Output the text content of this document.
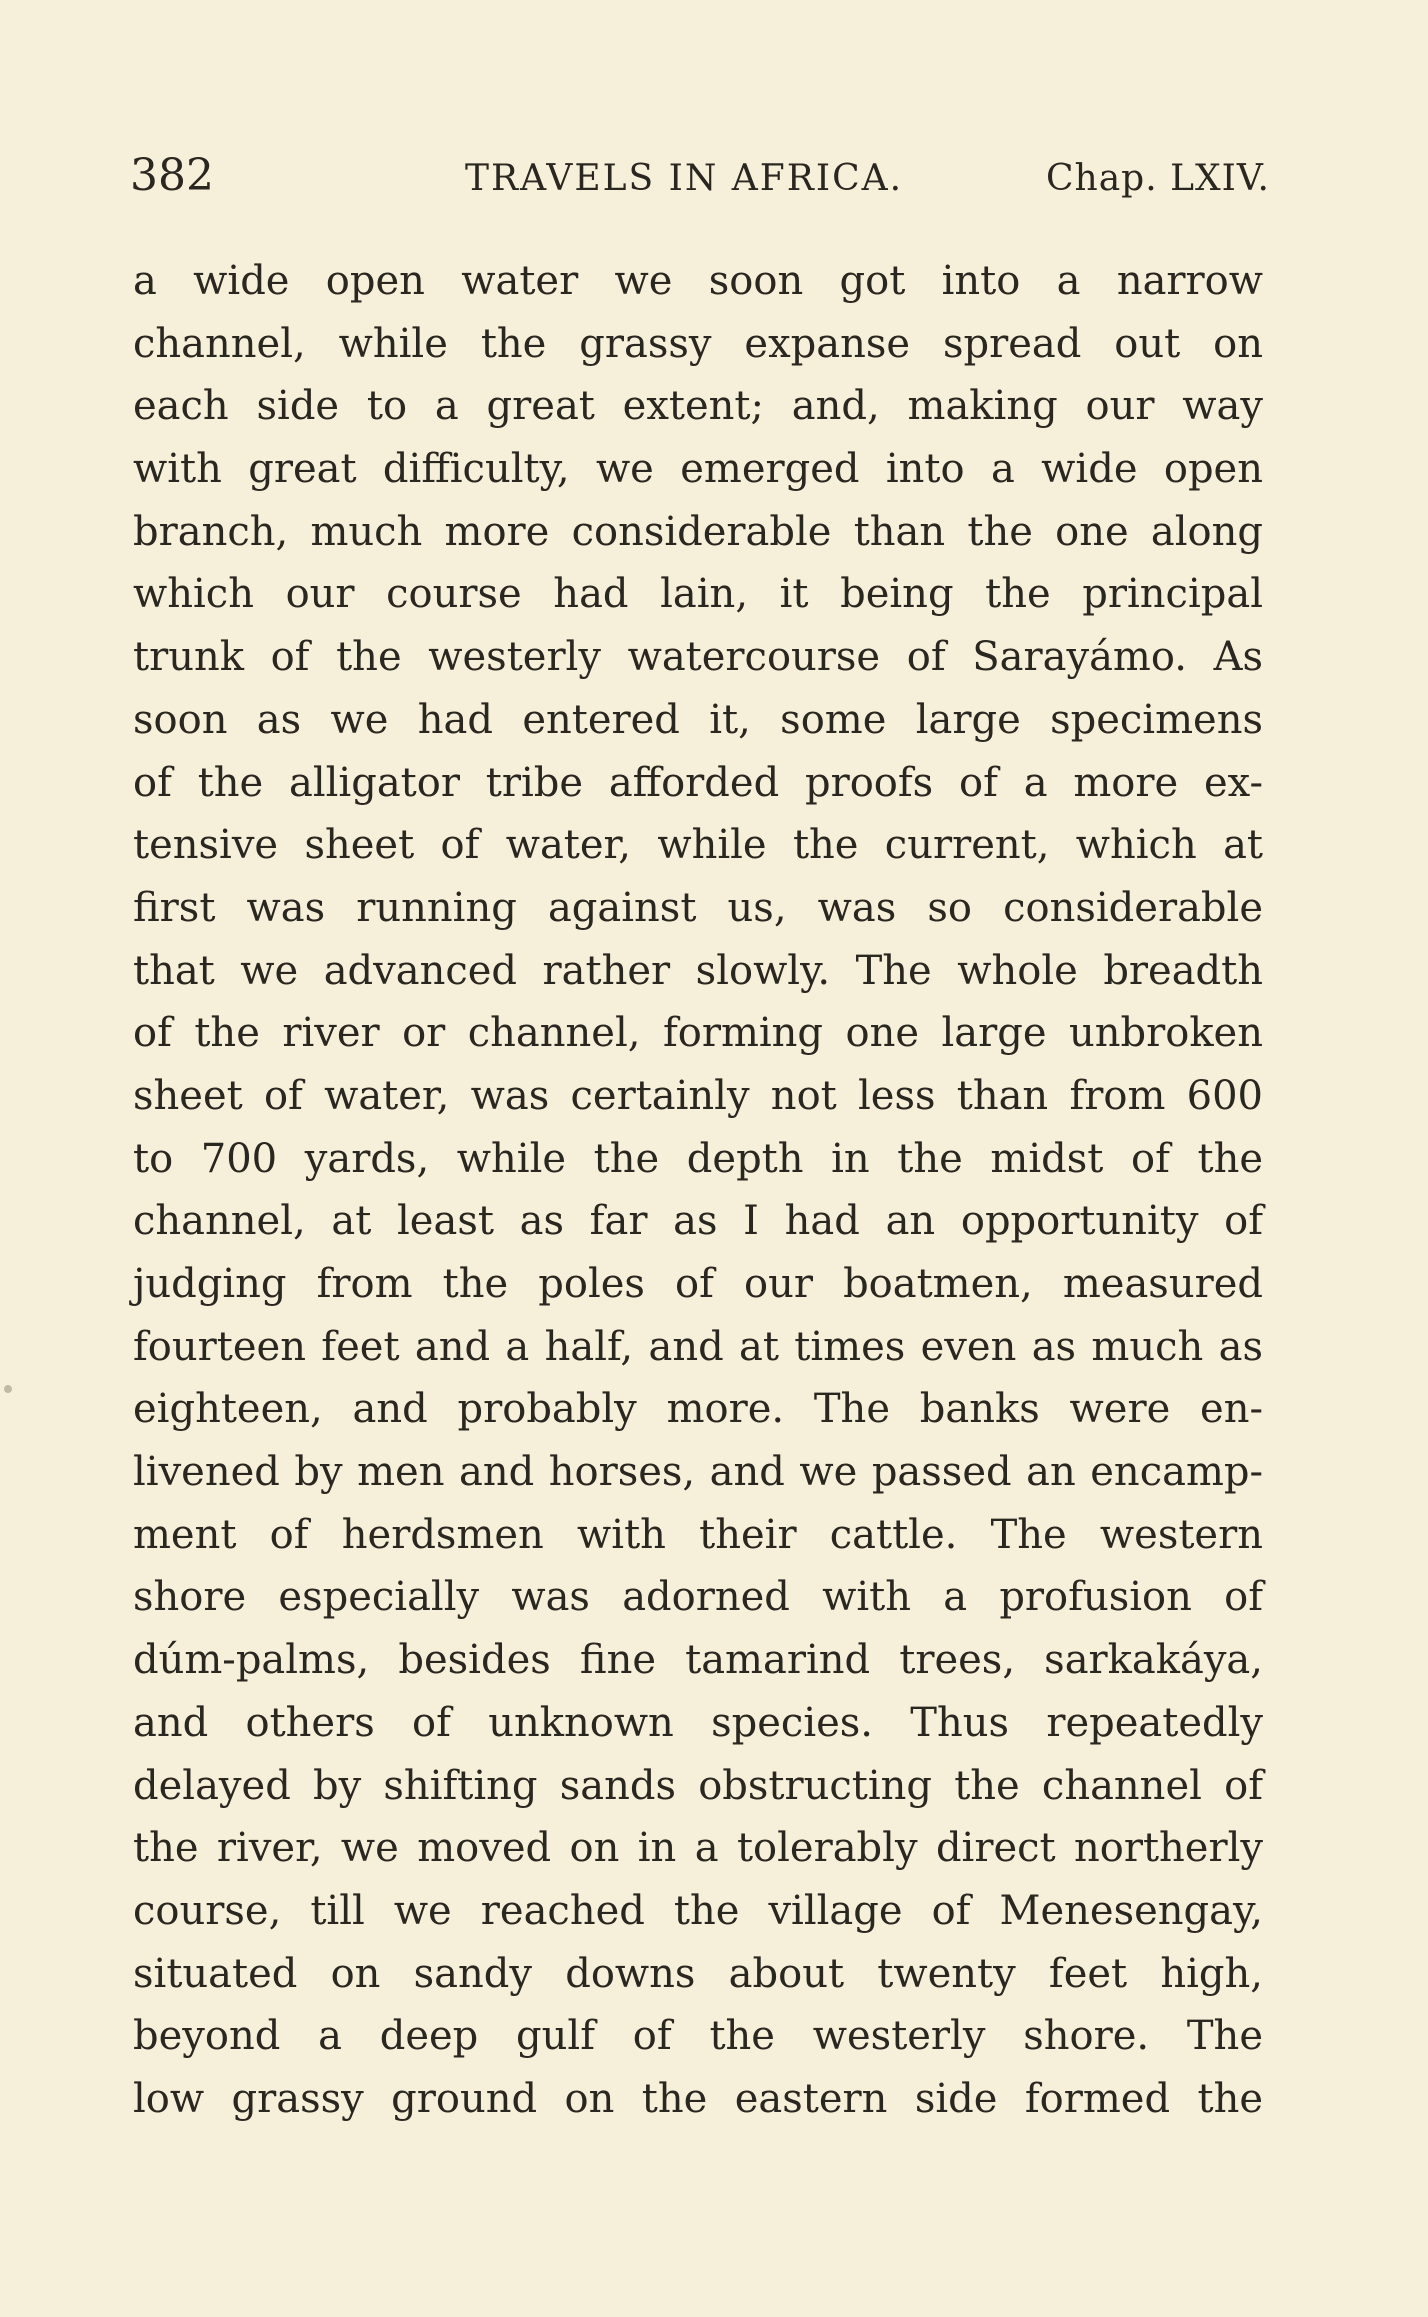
382	TRAVELS IN AFRICA.	Chap. LXIV.
a wide open water we soon got into a narrow
channel, while the grassy expanse spread out on
each side to a great extent; and, making our way
with great difficulty, we emerged into a wide open
branch, much more considerable than the one along
which our course had lain, it being the principal
trunk of the westerly watercourse of Sarayámo. As
soon as we had entered it, some large specimens
of the alligator tribe afforded proofs of a more ex-
tensive sheet of water, while the current, which at
first was running against us, was so considerable
that we advanced rather slowly. The whole breadth
of the river or channel, forming one large unbroken
sheet of water, was certainly not less than from 600
to 700 yards, while the depth in the midst of the
channel, at least as far as I had an opportunity of
judging from the poles of our boatmen, measured
fourteen feet and a half, and at times even as much as
eighteen, and probably more. The banks were en-
livened by men and horses, and we passed an encamp-
ment of herdsmen with their cattle. The western
shore especially was adorned with a profusion of
dúm-palms, besides fine tamarind trees, sarkakáya,
and others of unknown species. Thus repeatedly
delayed by shifting sands obstructing the channel of
the river, we moved on in a tolerably direct northerly
course, till we reached the village of Menesengay,
situated on sandy downs about twenty feet high,
beyond a deep gulf of the westerly shore. The
low grassy ground on the eastern side formed the
